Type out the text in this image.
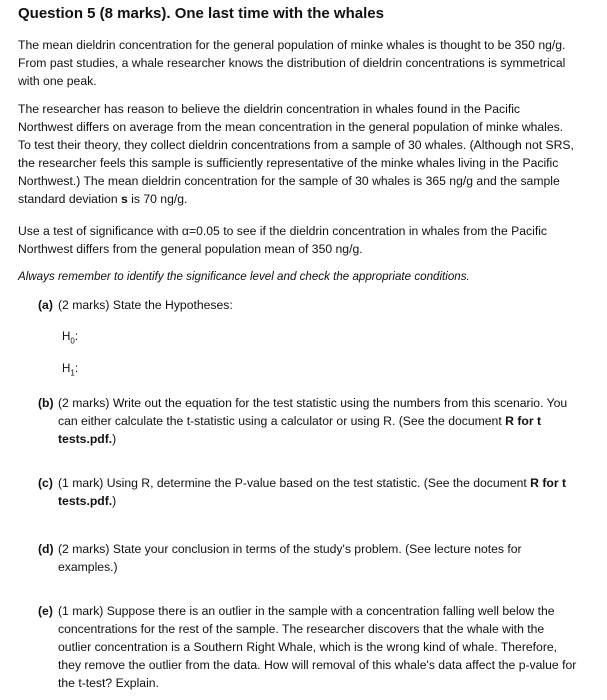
Question 5 (8 marks). One last time with the whales
The mean dieldrin concentration for the general population of minke whales is thought to be 350 ng/g. From past studies, a whale researcher knows the distribution of dieldrin concentrations is symmetrical with one peak.
The researcher has reason to believe the dieldrin concentration in whales found in the Pacific Northwest differs on average from the mean concentration in the general population of minke whales. To test their theory, they collect dieldrin concentrations from a sample of 30 whales. (Although not SRS, the researcher feels this sample is sufficiently representative of the minke whales living in the Pacific Northwest.) The mean dieldrin concentration for the sample of 30 whales is 365 ng/g and the sample standard deviation s is 70 ng/g.
Use a test of significance with α=0.05 to see if the dieldrin concentration in whales from the Pacific Northwest differs from the general population mean of 350 ng/g.
Always remember to identify the significance level and check the appropriate conditions.
(a) (2 marks) State the Hypotheses:
$H_0$:
$H_1$:
(b) (2 marks) Write out the equation for the test statistic using the numbers from this scenario. You can either calculate the t-statistic using a calculator or using R. (See the document R for t tests.pdf.)
(c) (1 mark) Using R, determine the P-value based on the test statistic. (See the document R for t tests.pdf.)
(d) (2 marks) State your conclusion in terms of the study's problem. (See lecture notes for examples.)
(e) (1 mark) Suppose there is an outlier in the sample with a concentration falling well below the concentrations for the rest of the sample. The researcher discovers that the whale with the outlier concentration is a Southern Right Whale, which is the wrong kind of whale. Therefore, they remove the outlier from the data. How will removal of this whale's data affect the p-value for the t-test? Explain.
